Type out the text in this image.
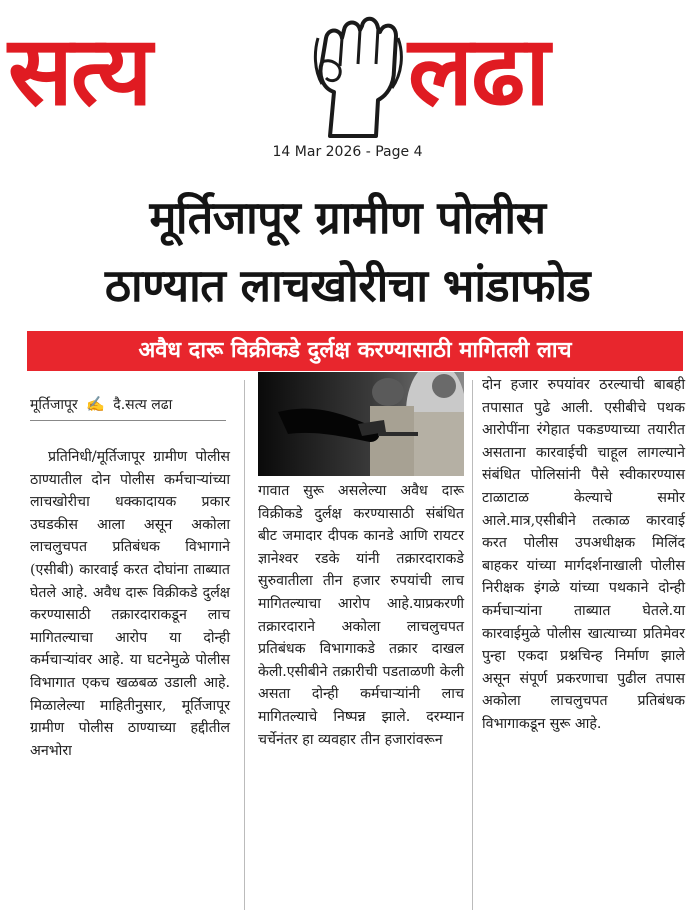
सत्य	लढा
14 Mar 2026 - Page 4
मूर्तिजापूर ग्रामीण पोलीस
ठाण्यात लाचखोरीचा भांडाफोड
अवैध दारू विक्रीकडे दुर्लक्ष करण्यासाठी मागितली लाच
मूर्तिजापूर ✍ दै.सत्य लढा

प्रतिनिधी/मूर्तिजापूर ग्रामीण पोलीस ठाण्यातील दोन पोलीस कर्मचाऱ्यांच्या लाचखोरीचा धक्कादायक प्रकार उघडकीस आला असून अकोला लाचलुचपत प्रतिबंधक विभागाने (एसीबी) कारवाई करत दोघांना ताब्यात घेतले आहे. अवैध दारू विक्रीकडे दुर्लक्ष करण्यासाठी तक्रारदाराकडून लाच मागितल्याचा आरोप या दोन्ही कर्मचाऱ्यांवर आहे. या घटनेमुळे पोलीस विभागात एकच खळबळ उडाली आहे. मिळालेल्या माहितीनुसार, मूर्तिजापूर ग्रामीण पोलीस ठाण्याच्या हद्दीतील अनभोरा

गावात सुरू असलेल्या अवैध दारू विक्रीकडे दुर्लक्ष करण्यासाठी संबंधित बीट जमादार दीपक कानडे आणि रायटर ज्ञानेश्वर रडके यांनी तक्रारदाराकडे सुरुवातीला तीन हजार रुपयांची लाच मागितल्याचा आरोप आहे.याप्रकरणी तक्रारदाराने अकोला लाचलुचपत प्रतिबंधक विभागाकडे तक्रार दाखल केली.एसीबीने तक्रारीची पडताळणी केली असता दोन्ही कर्मचाऱ्यांनी लाच मागितल्याचे निष्पन्न झाले. दरम्यान चर्चेनंतर हा व्यवहार तीन हजारांवरून

दोन हजार रुपयांवर ठरल्याची बाबही तपासात पुढे आली. एसीबीचे पथक आरोपींना रंगेहात पकडण्याच्या तयारीत असताना कारवाईची चाहूल लागल्याने संबंधित पोलिसांनी पैसे स्वीकारण्यास टाळाटाळ केल्याचे समोर आले.मात्र,एसीबीने तत्काळ कारवाई करत पोलीस उपअधीक्षक मिलिंद बाहकर यांच्या मार्गदर्शनाखाली पोलीस निरीक्षक इंगळे यांच्या पथकाने दोन्ही कर्मचाऱ्यांना ताब्यात घेतले.या कारवाईमुळे पोलीस खात्याच्या प्रतिमेवर पुन्हा एकदा प्रश्नचिन्ह निर्माण झाले असून संपूर्ण प्रकरणाचा पुढील तपास अकोला लाचलुचपत प्रतिबंधक विभागाकडून सुरू आहे.
